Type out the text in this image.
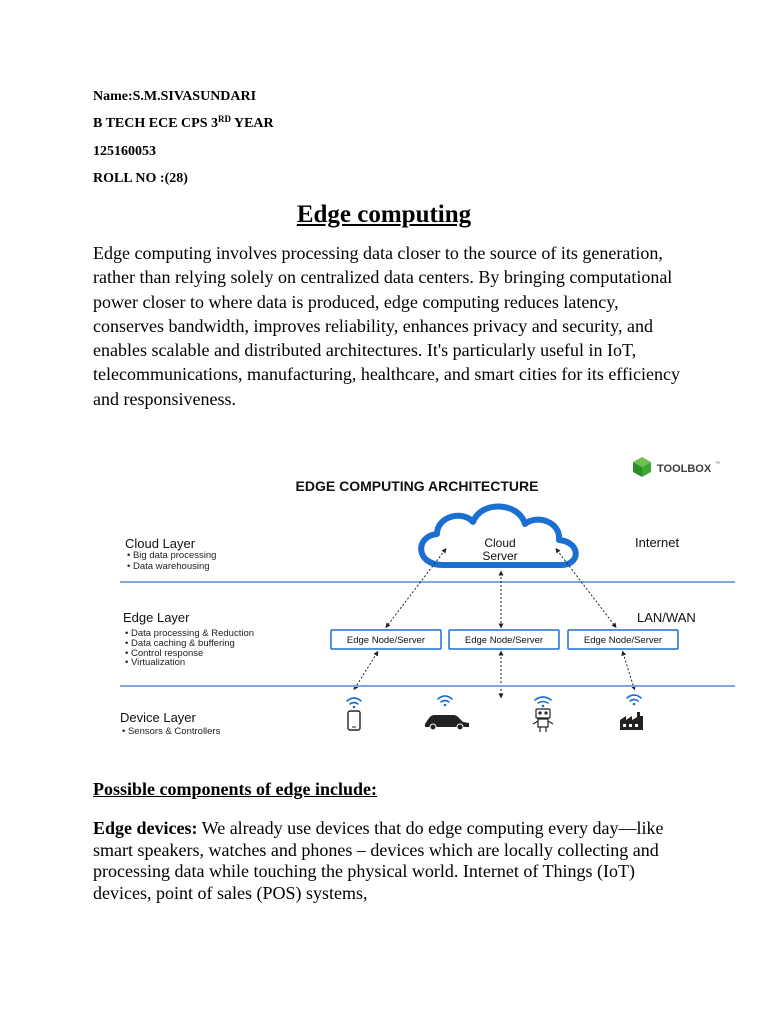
Name:S.M.SIVASUNDARI
B TECH ECE CPS 3RD YEAR
125160053
ROLL NO :(28)
Edge computing
Edge computing involves processing data closer to the source of its generation, rather than relying solely on centralized data centers. By bringing computational power closer to where data is produced, edge computing reduces latency, conserves bandwidth, improves reliability, enhances privacy and security, and enables scalable and distributed architectures. It's particularly useful in IoT, telecommunications, manufacturing, healthcare, and smart cities for its efficiency and responsiveness.
TOOLBOX ™
EDGE COMPUTING ARCHITECTURE
Cloud Layer
• Big data processing
• Data warehousing
Internet
Cloud
Server
Edge Layer
• Data processing & Reduction
• Data caching & buffering
• Control response
• Virtualization
LAN/WAN
Edge Node/Server	Edge Node/Server	Edge Node/Server
Device Layer
• Sensors & Controllers
Possible components of edge include:
Edge devices: We already use devices that do edge computing every day—like smart speakers, watches and phones – devices which are locally collecting and processing data while touching the physical world. Internet of Things (IoT) devices, point of sales (POS) systems,
